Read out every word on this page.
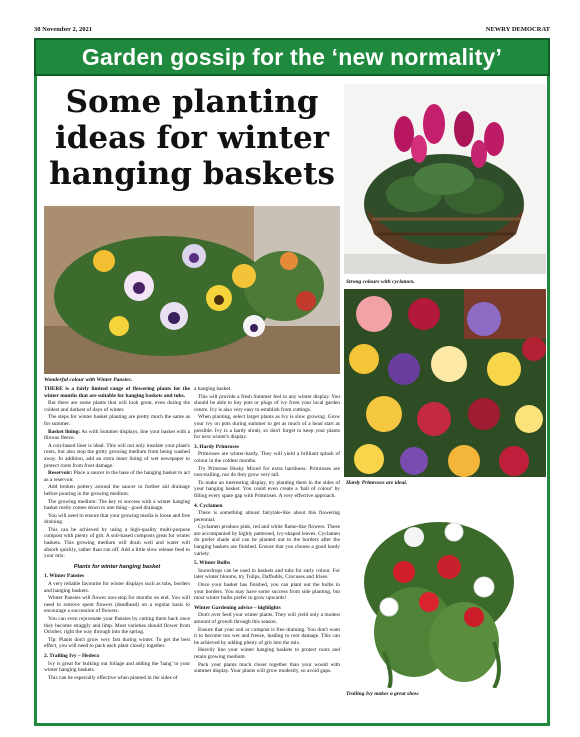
38 November 2, 2021	NEWRY DEMOCRAT
Garden gossip for the ‘new normality’
Some planting ideas for winter hanging baskets
Strong colours with cyclamen.
Wonderful colour with Winter Pansies.
Hardy Primroses are ideal.
Trailing Ivy makes a great show

THERE is a fairly limited range of flowering plants for the winter months that are suitable for hanging baskets and tubs.

But there are some plants that will look great, even during the coldest and darkest of days of winter.

The steps for winter basket planting are pretty much the same as for summer.

Basket lining: As with Summer displays, line your basket with a fibrous fleece.

A coir-based liner is ideal. This will not only insulate your plant's roots, but also stop the gritty growing medium from being washed away. In addition, add an extra inner lining of wet newspaper to protect roots from frost damage.

Reservoir: Place a saucer in the base of the hanging basket to act as a reservoir.

Add broken pottery around the saucer to further aid drainage before pouring in the growing medium.

The growing medium: The key to success with a winter hanging basket really comes down to one thing - good drainage.

You will need to ensure that your growing media is loose and free draining.

This can be achieved by using a high-quality multi-purpose compost with plenty of grit. A soil-based composts great for winter baskets. This growing medium will drain well and water will absorb quickly, rather than run off. Add a little slow release feed to your mix.

Plants for winter hanging basket

1. Winter Pansies

A very reliable favourite for winter displays such as tubs, borders and hanging baskets.

Winter Pansies will flower non-stop for months on end. You will need to remove spent flowers (deadhead) on a regular basis to encourage a succession of flowers.

You can even rejuvenate your Pansies by cutting them back once they become straggly and limp. Most varieties should flower from October, right the way through into the spring.

Tip: Plants don't grow very fast during winter. To get the best effect, you will need to pack each plant closely together.

2. Trailing Ivy – Hedera

Ivy is great for bulking out foliage and adding the 'hang' to your winter hanging baskets.

This can be especially effective when planted in the sides of

a hanging basket.

This will provide a fresh Summer feel to any winter display. You should be able to buy pots or plugs of ivy from your local garden centre. Ivy is also very easy to establish from cuttings.

When planting, select larger plants as Ivy is slow growing. Grow your ivy on pots during summer to get as much of a head start as possible. Ivy is a hardy shrub, so don't forget to keep your plants for next winter's display.

3. Hardy Primroses

Primroses are winter-hardy. They will yield a brilliant splash of colour in the coldest months.

Try Primrose Husky Mixed for extra hardiness. Primroses are non-trailing, nor do they grow very tall.

To make an interesting display, try planting them in the sides of your hanging basket. You could even create a 'ball of colour' by filling every spare gap with Primroses. A very effective approach.

4. Cyclamen

There is something almost fairytale-like about this flowering perennial.

Cyclamen produce pink, red and white flame-like flowers. These are accompanied by highly patterned, ivy-shaped leaves. Cyclamen do prefer shade and can be planted out in the borders after the hanging baskets are finished. Ensure that you choose a good hardy variety.

5. Winter Bulbs

Snowdrops can be used in baskets and tubs for early colour. For later winter blooms, try Tulips, Daffodils, Crocuses and Irises.

Once your basket has finished, you can plant out the bulbs in your borders. You may have some success from side planting, but most winter bulbs prefer to grow upwards!

Winter Gardening advice – highlights

Don't over feed your winter plants. They will yield only a modest amount of growth through this season.

Ensure that your soil or compost is free draining. You don't want it to become too wet and freeze, leading to root damage. This can be achieved by adding plenty of grit into the mix.

Heavily line your winter hanging baskets to protect roots and retain growing medium.

Pack your plants much closer together than your would with summer display. Your plants will grow modestly, so avoid gaps.
